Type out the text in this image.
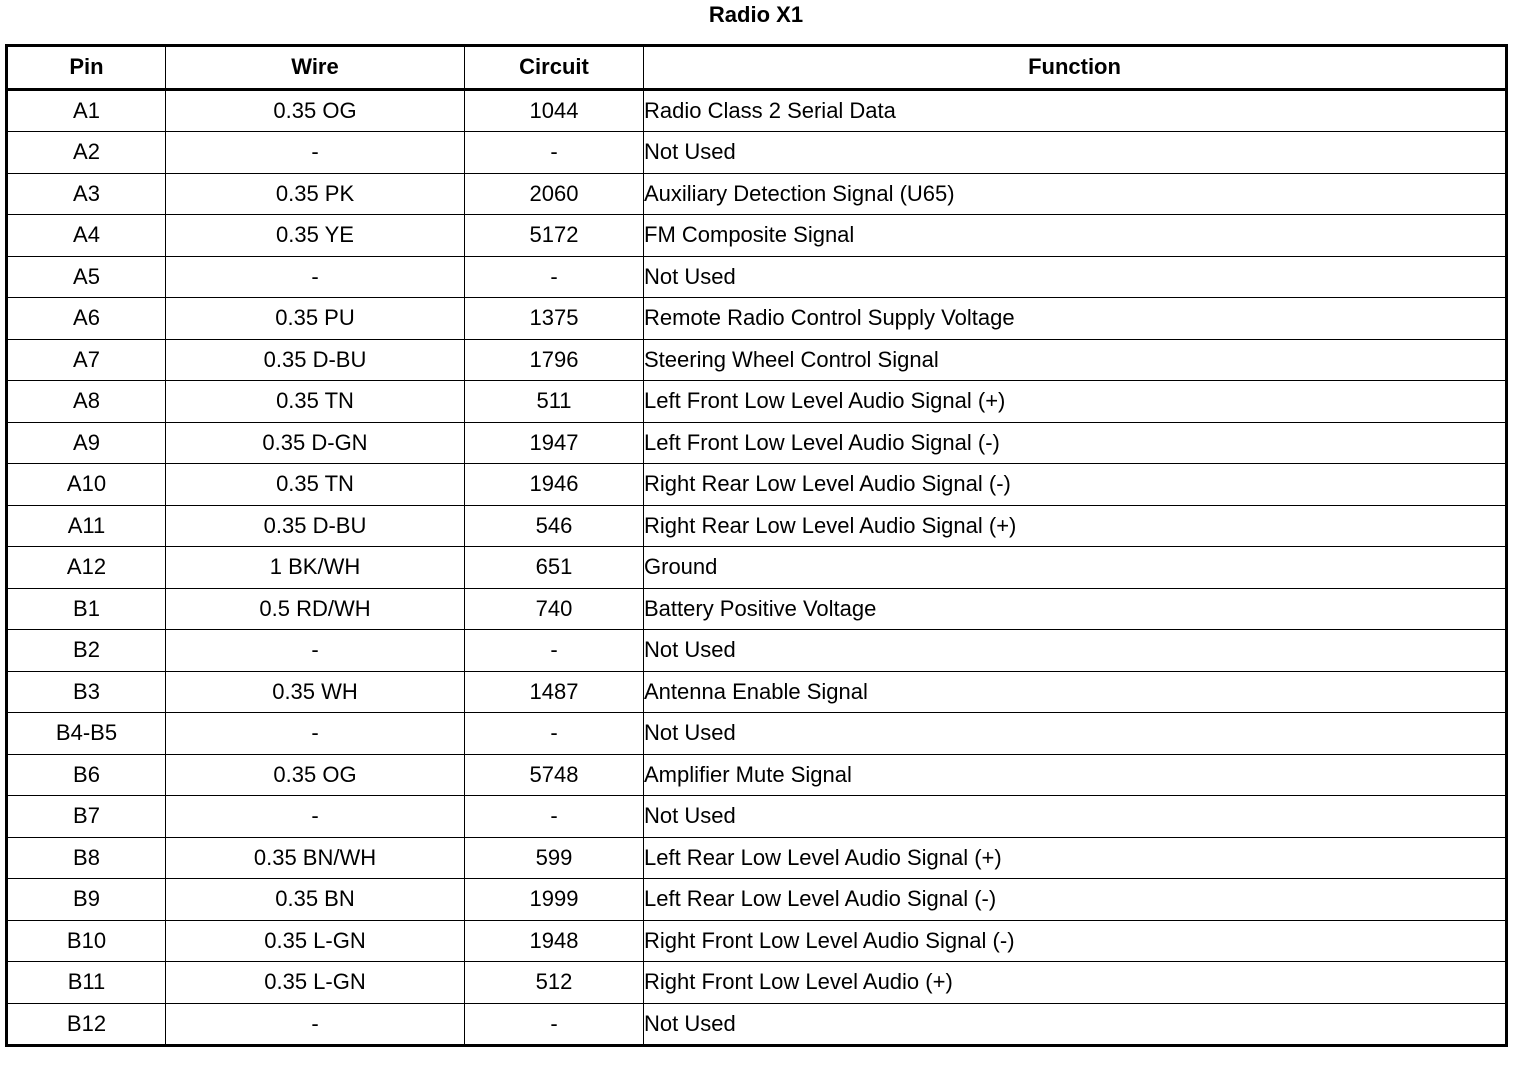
Radio X1
Pin	Wire	Circuit	Function
A1	0.35 OG	1044	Radio Class 2 Serial Data
A2	-	-	Not Used
A3	0.35 PK	2060	Auxiliary Detection Signal (U65)
A4	0.35 YE	5172	FM Composite Signal
A5	-	-	Not Used
A6	0.35 PU	1375	Remote Radio Control Supply Voltage
A7	0.35 D-BU	1796	Steering Wheel Control Signal
A8	0.35 TN	511	Left Front Low Level Audio Signal (+)
A9	0.35 D-GN	1947	Left Front Low Level Audio Signal (-)
A10	0.35 TN	1946	Right Rear Low Level Audio Signal (-)
A11	0.35 D-BU	546	Right Rear Low Level Audio Signal (+)
A12	1 BK/WH	651	Ground
B1	0.5 RD/WH	740	Battery Positive Voltage
B2	-	-	Not Used
B3	0.35 WH	1487	Antenna Enable Signal
B4-B5	-	-	Not Used
B6	0.35 OG	5748	Amplifier Mute Signal
B7	-	-	Not Used
B8	0.35 BN/WH	599	Left Rear Low Level Audio Signal (+)
B9	0.35 BN	1999	Left Rear Low Level Audio Signal (-)
B10	0.35 L-GN	1948	Right Front Low Level Audio Signal (-)
B11	0.35 L-GN	512	Right Front Low Level Audio (+)
B12	-	-	Not Used
